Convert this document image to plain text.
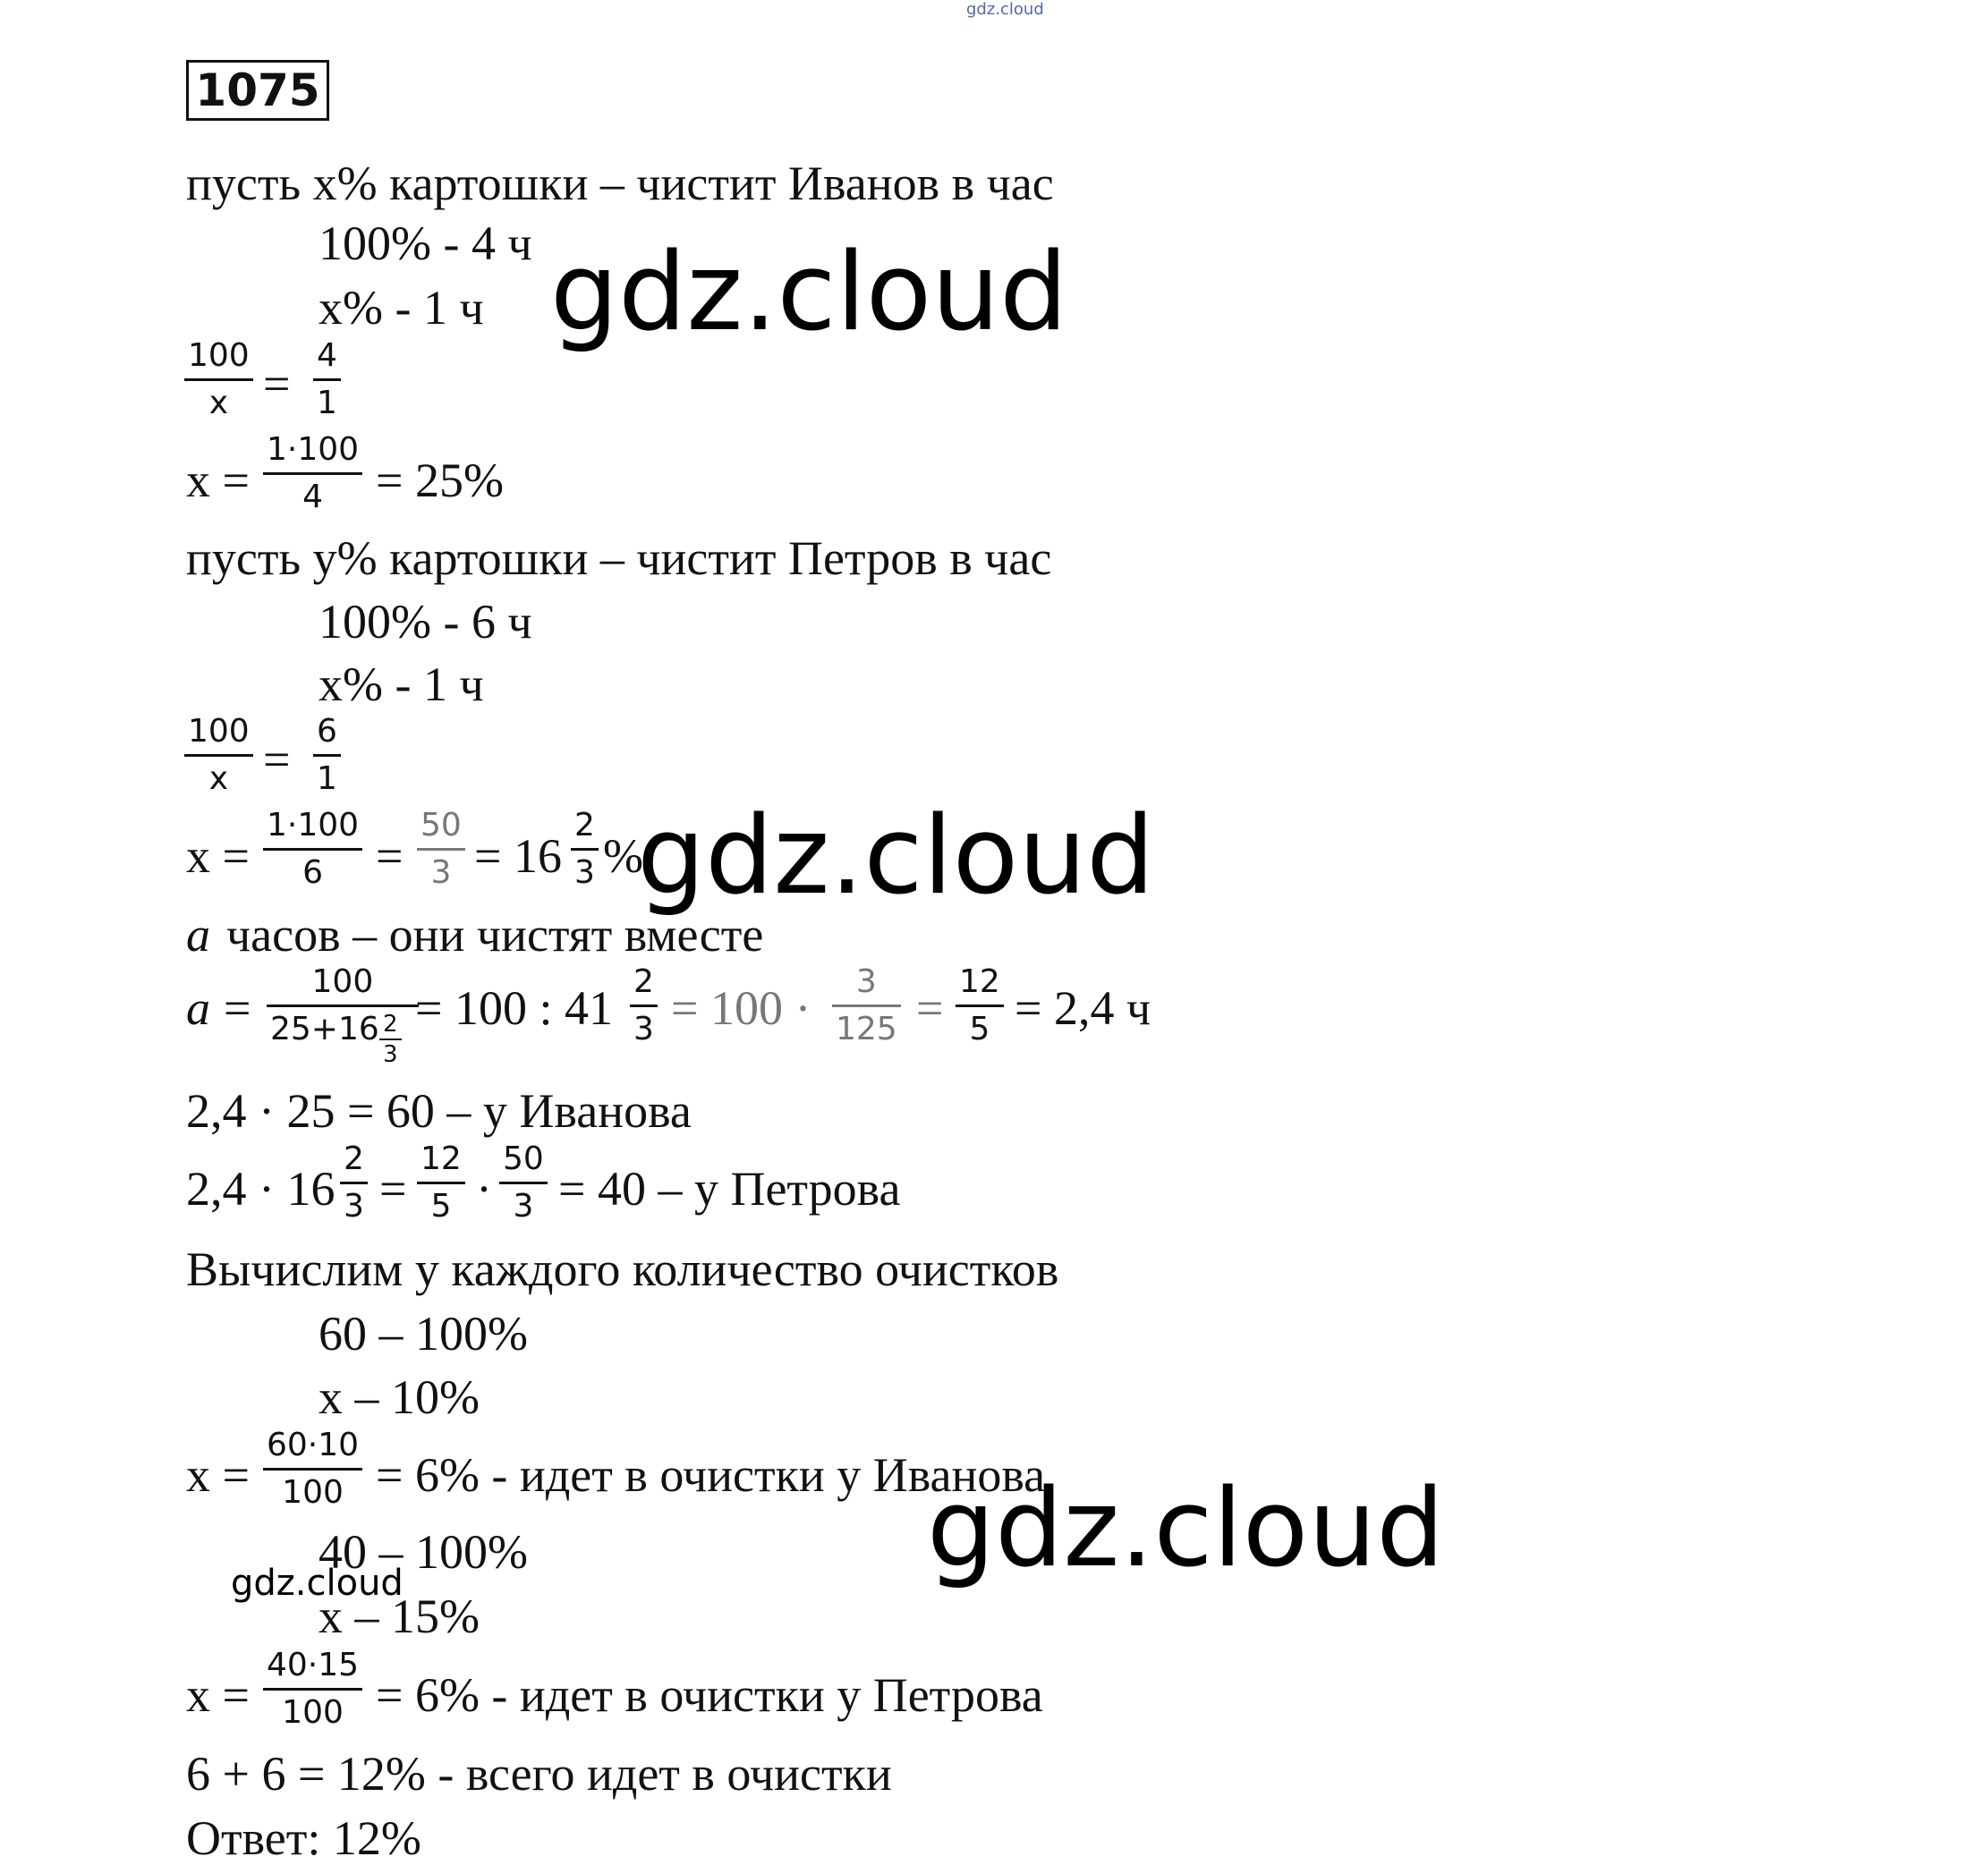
gdz.cloud
1075
пусть x% картошки – чистит Иванов в час
100% - 4 ч
x% - 1 ч
100
x =
4
1
x =
1·100
4 = 25%
пусть y% картошки – чистит Петров в час
100% - 6 ч
x% - 1 ч
100
x =
6
1
x =
1·100
6 =
50
3 = 16
2
3 %
a часов – они чистят вместе
a = 100
25+16 2
3
= 100 : 41 2
3 = 100 · 3
125 = 12
5 = 2,4 ч
2,4 · 25 = 60 – у Иванова
2,4 · 16
2
3 =
12
5 ·
50
3 = 40 – у Петрова
Вычислим у каждого количество очистков
60 – 100%
x – 10%
x =
60·10
100 = 6% - идет в очистки у Иванова
40 – 100%
x – 15%
x =
40·15
100 = 6% - идет в очистки у Петрова
6 + 6 = 12% - всего идет в очистки
Ответ: 12%
gdz.cloud
gdz.cloud
gdz.cloud
gdz.cloud
